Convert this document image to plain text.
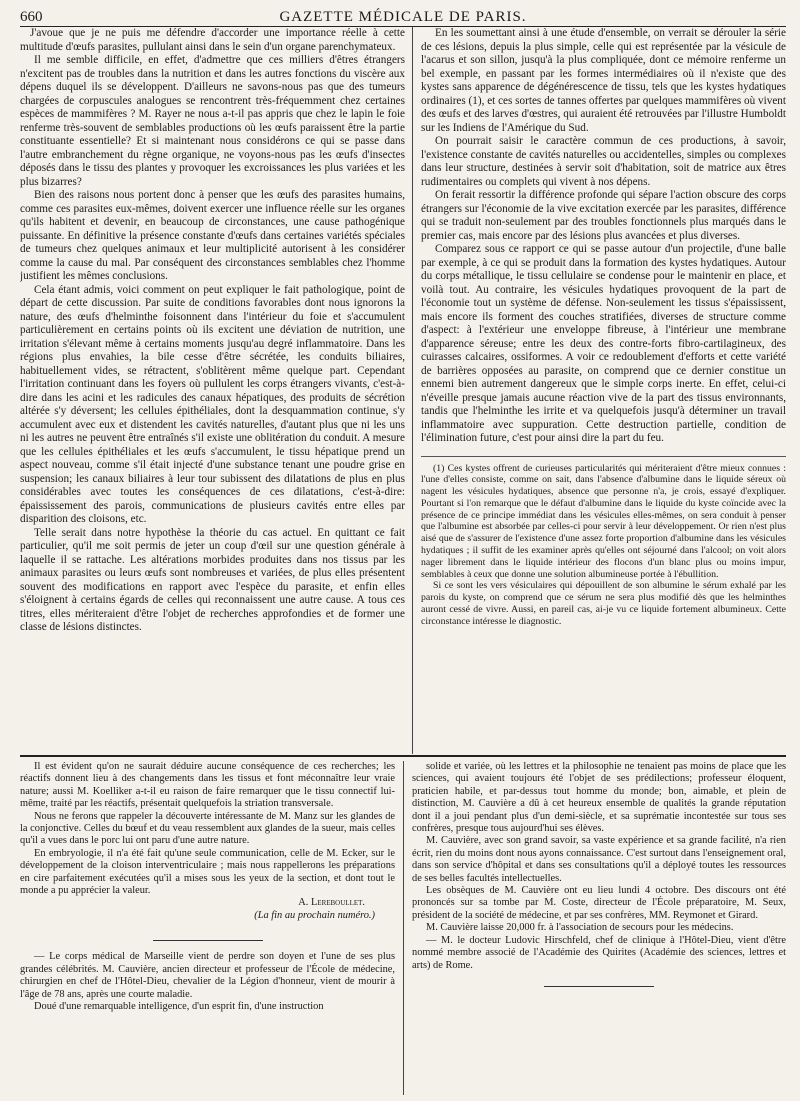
660	GAZETTE MÉDICALE DE PARIS.

J'avoue que je ne puis me défendre d'accorder une importance réelle à cette multitude d'œufs parasites, pullulant ainsi dans le sein d'un organe parenchymateux.

Il me semble difficile, en effet, d'admettre que ces milliers d'êtres étrangers n'excitent pas de troubles dans la nutrition et dans les autres fonctions du viscère aux dépens duquel ils se développent. D'ailleurs ne savons-nous pas que des tumeurs chargées de corpuscules analogues se rencontrent très-fréquemment chez certaines espèces de mammifères ? M. Rayer ne nous a-t-il pas appris que chez le lapin le foie renferme très-souvent de semblables productions où les œufs paraissent être la partie constituante essentielle? Et si maintenant nous considérons ce qui se passe dans l'autre embranchement du règne organique, ne voyons-nous pas les œufs d'insectes déposés dans le tissu des plantes y provoquer les excroissances les plus variées et les plus bizarres?

Bien des raisons nous portent donc à penser que les œufs des parasites humains, comme ces parasites eux-mêmes, doivent exercer une influence réelle sur les organes qu'ils habitent et devenir, en beaucoup de circonstances, une cause pathogénique puissante. En définitive la présence constante d'œufs dans certaines variétés spéciales de tumeurs chez quelques animaux et leur multiplicité autorisent à les considérer comme la cause du mal. Par conséquent des circonstances semblables chez l'homme justifient les mêmes conclusions.

Cela étant admis, voici comment on peut expliquer le fait pathologique, point de départ de cette discussion. Par suite de conditions favorables dont nous ignorons la nature, des œufs d'helminthe foisonnent dans l'intérieur du foie et s'accumulent particulièrement en certains points où ils excitent une déviation de nutrition, une irritation s'élevant même à certains moments jusqu'au degré inflammatoire. Dans les régions plus envahies, la bile cesse d'être sécrétée, les conduits biliaires, habituellement vides, se rétractent, s'oblitèrent même quelque part. Cependant l'irritation continuant dans les foyers où pullulent les corps étrangers vivants, c'est-à-dire dans les acini et les radicules des canaux hépatiques, des produits de sécrétion altérée s'y déversent; les cellules épithéliales, dont la desquammation continue, s'y accumulent avec eux et distendent les cavités naturelles, d'autant plus que ni les uns ni les autres ne peuvent être entraînés s'il existe une oblitération du conduit. A mesure que les cellules épithéliales et les œufs s'accumulent, le tissu hépatique prend un aspect nouveau, comme s'il était injecté d'une substance tenant une poudre grise en suspension; les canaux biliaires à leur tour subissent des dilatations de plus en plus considérables avec toutes les conséquences de ces dilatations, c'est-à-dire: épaississement des parois, communications de plusieurs cavités entre elles par disparition des cloisons, etc.

Telle serait dans notre hypothèse la théorie du cas actuel. En quittant ce fait particulier, qu'il me soit permis de jeter un coup d'œil sur une question générale à laquelle il se rattache. Les altérations morbides produites dans nos tissus par les animaux parasites ou leurs œufs sont nombreuses et variées, de plus elles présentent souvent des modifications en rapport avec l'espèce du parasite, et enfin elles s'éloignent à certains égards de celles qui reconnaissent une autre cause. A tous ces titres, elles mériteraient d'être l'objet de recherches approfondies et de former une classe de lésions distinctes.

En les soumettant ainsi à une étude d'ensemble, on verrait se dérouler la série de ces lésions, depuis la plus simple, celle qui est représentée par la vésicule de l'acarus et son sillon, jusqu'à la plus compliquée, dont ce mémoire renferme un bel exemple, en passant par les formes intermédiaires où il n'existe que des kystes sans apparence de dégénérescence de tissu, tels que les kystes hydatiques ordinaires (1), et ces sortes de tannes offertes par quelques mammifères où vivent des œufs et des larves d'œstres, qui auraient été retrouvées par l'illustre Humboldt sur les Indiens de l'Amérique du Sud.

On pourrait saisir le caractère commun de ces productions, à savoir, l'existence constante de cavités naturelles ou accidentelles, simples ou complexes dans leur structure, destinées à servir soit d'habitation, soit de matrice aux êtres rudimentaires ou complets qui vivent à nos dépens.

On ferait ressortir la différence profonde qui sépare l'action obscure des corps étrangers sur l'économie de la vive excitation exercée par les parasites, différence qui se traduit non-seulement par des troubles fonctionnels plus marqués dans le premier cas, mais encore par des lésions plus avancées et plus diverses.

Comparez sous ce rapport ce qui se passe autour d'un projectile, d'une balle par exemple, à ce qui se produit dans la formation des kystes hydatiques. Autour du corps métallique, le tissu cellulaire se condense pour le maintenir en place, et voilà tout. Au contraire, les vésicules hydatiques provoquent de la part de l'économie tout un système de défense. Non-seulement les tissus s'épaississent, mais encore ils forment des couches stratifiées, diverses de structure comme d'aspect: à l'extérieur une enveloppe fibreuse, à l'intérieur une membrane d'apparence séreuse; entre les deux des contre-forts fibro-cartilagineux, des cuirasses calcaires, ossiformes. A voir ce redoublement d'efforts et cette variété de barrières opposées au parasite, on comprend que ce dernier constitue un ennemi bien autrement dangereux que le simple corps inerte. En effet, celui-ci n'éveille presque jamais aucune réaction vive de la part des tissus environnants, tandis que l'helminthe les irrite et va quelquefois jusqu'à déterminer un travail inflammatoire avec suppuration. Cette destruction partielle, condition de l'élimination future, c'est pour ainsi dire la part du feu.

(1) Ces kystes offrent de curieuses particularités qui mériteraient d'être mieux connues : l'une d'elles consiste, comme on sait, dans l'absence d'albumine dans le liquide séreux où nagent les vésicules hydatiques, absence que personne n'a, je crois, essayé d'expliquer. Pourtant si l'on remarque que le défaut d'albumine dans le liquide du kyste coïncide avec la présence de ce principe immédiat dans les vésicules elles-mêmes, on sera conduit à penser que l'albumine est absorbée par celles-ci pour servir à leur développement. Or rien n'est plus aisé que de s'assurer de l'existence d'une assez forte proportion d'albumine dans les vésicules hydatiques ; il suffit de les examiner après qu'elles ont séjourné dans l'alcool; on voit alors nager librement dans le liquide intérieur des flocons d'un blanc plus ou moins impur, semblables à ceux que donne une solution albumineuse portée à l'ébullition.

Si ce sont les vers vésiculaires qui dépouillent de son albumine le sérum exhalé par les parois du kyste, on comprend que ce sérum ne sera plus modifié dès que les helminthes auront cessé de vivre. Aussi, en pareil cas, ai-je vu ce liquide fortement albumineux. Cette circonstance intéresse le diagnostic.

Il est évident qu'on ne saurait déduire aucune conséquence de ces recherches; les réactifs donnent lieu à des changements dans les tissus et font méconnaître leur vraie nature; aussi M. Koelliker a-t-il eu raison de faire remarquer que le tissu connectif lui-même, traité par les réactifs, présentait quelquefois la striation transversale.

Nous ne ferons que rappeler la découverte intéressante de M. Manz sur les glandes de la conjonctive. Celles du bœuf et du veau ressemblent aux glandes de la sueur, mais celles qu'il a vues dans le porc lui ont paru d'une autre nature.

En embryologie, il n'a été fait qu'une seule communication, celle de M. Ecker, sur le développement de la cloison interventriculaire ; mais nous rappellerons les préparations en cire parfaitement exécutées qu'il a mises sous les yeux de la section, et dont tout le monde a pu apprécier la valeur.

A. Lereboullet.

(La fin au prochain numéro.)

— Le corps médical de Marseille vient de perdre son doyen et l'une de ses plus grandes célébrités. M. Cauvière, ancien directeur et professeur de l'École de médecine, chirurgien en chef de l'Hôtel-Dieu, chevalier de la Légion d'honneur, vient de mourir à l'âge de 78 ans, après une courte maladie.

Doué d'une remarquable intelligence, d'un esprit fin, d'une instruction

solide et variée, où les lettres et la philosophie ne tenaient pas moins de place que les sciences, qui avaient toujours été l'objet de ses prédilections; professeur éloquent, praticien habile, et par-dessus tout homme du monde; bon, aimable, et plein de distinction, M. Cauvière a dû à cet heureux ensemble de qualités la grande réputation dont il a joui pendant plus d'un demi-siècle, et sa suprématie incontestée sur tous ses confrères, presque tous aujourd'hui ses élèves.

M. Cauvière, avec son grand savoir, sa vaste expérience et sa grande facilité, n'a rien écrit, rien du moins dont nous ayons connaissance. C'est surtout dans l'enseignement oral, dans son service d'hôpital et dans ses consultations qu'il a déployé toutes les ressources de ses belles facultés intellectuelles.

Les obsèques de M. Cauvière ont eu lieu lundi 4 octobre. Des discours ont été prononcés sur sa tombe par M. Coste, directeur de l'École préparatoire, M. Seux, président de la société de médecine, et par ses confrères, MM. Reymonet et Girard.

M. Cauvière laisse 20,000 fr. à l'association de secours pour les médecins.

— M. le docteur Ludovic Hirschfeld, chef de clinique à l'Hôtel-Dieu, vient d'être nommé membre associé de l'Académie des Quirites (Académie des sciences, lettres et arts) de Rome.
